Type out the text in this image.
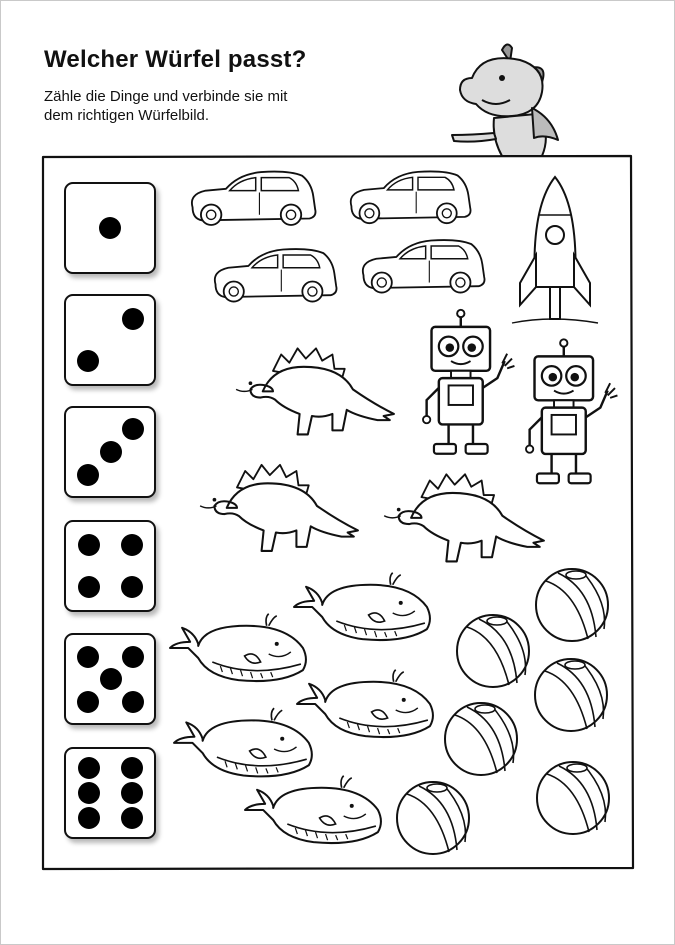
Welcher Würfel passt?

Zähle die Dinge und verbinde sie mit
dem richtigen Würfelbild.
